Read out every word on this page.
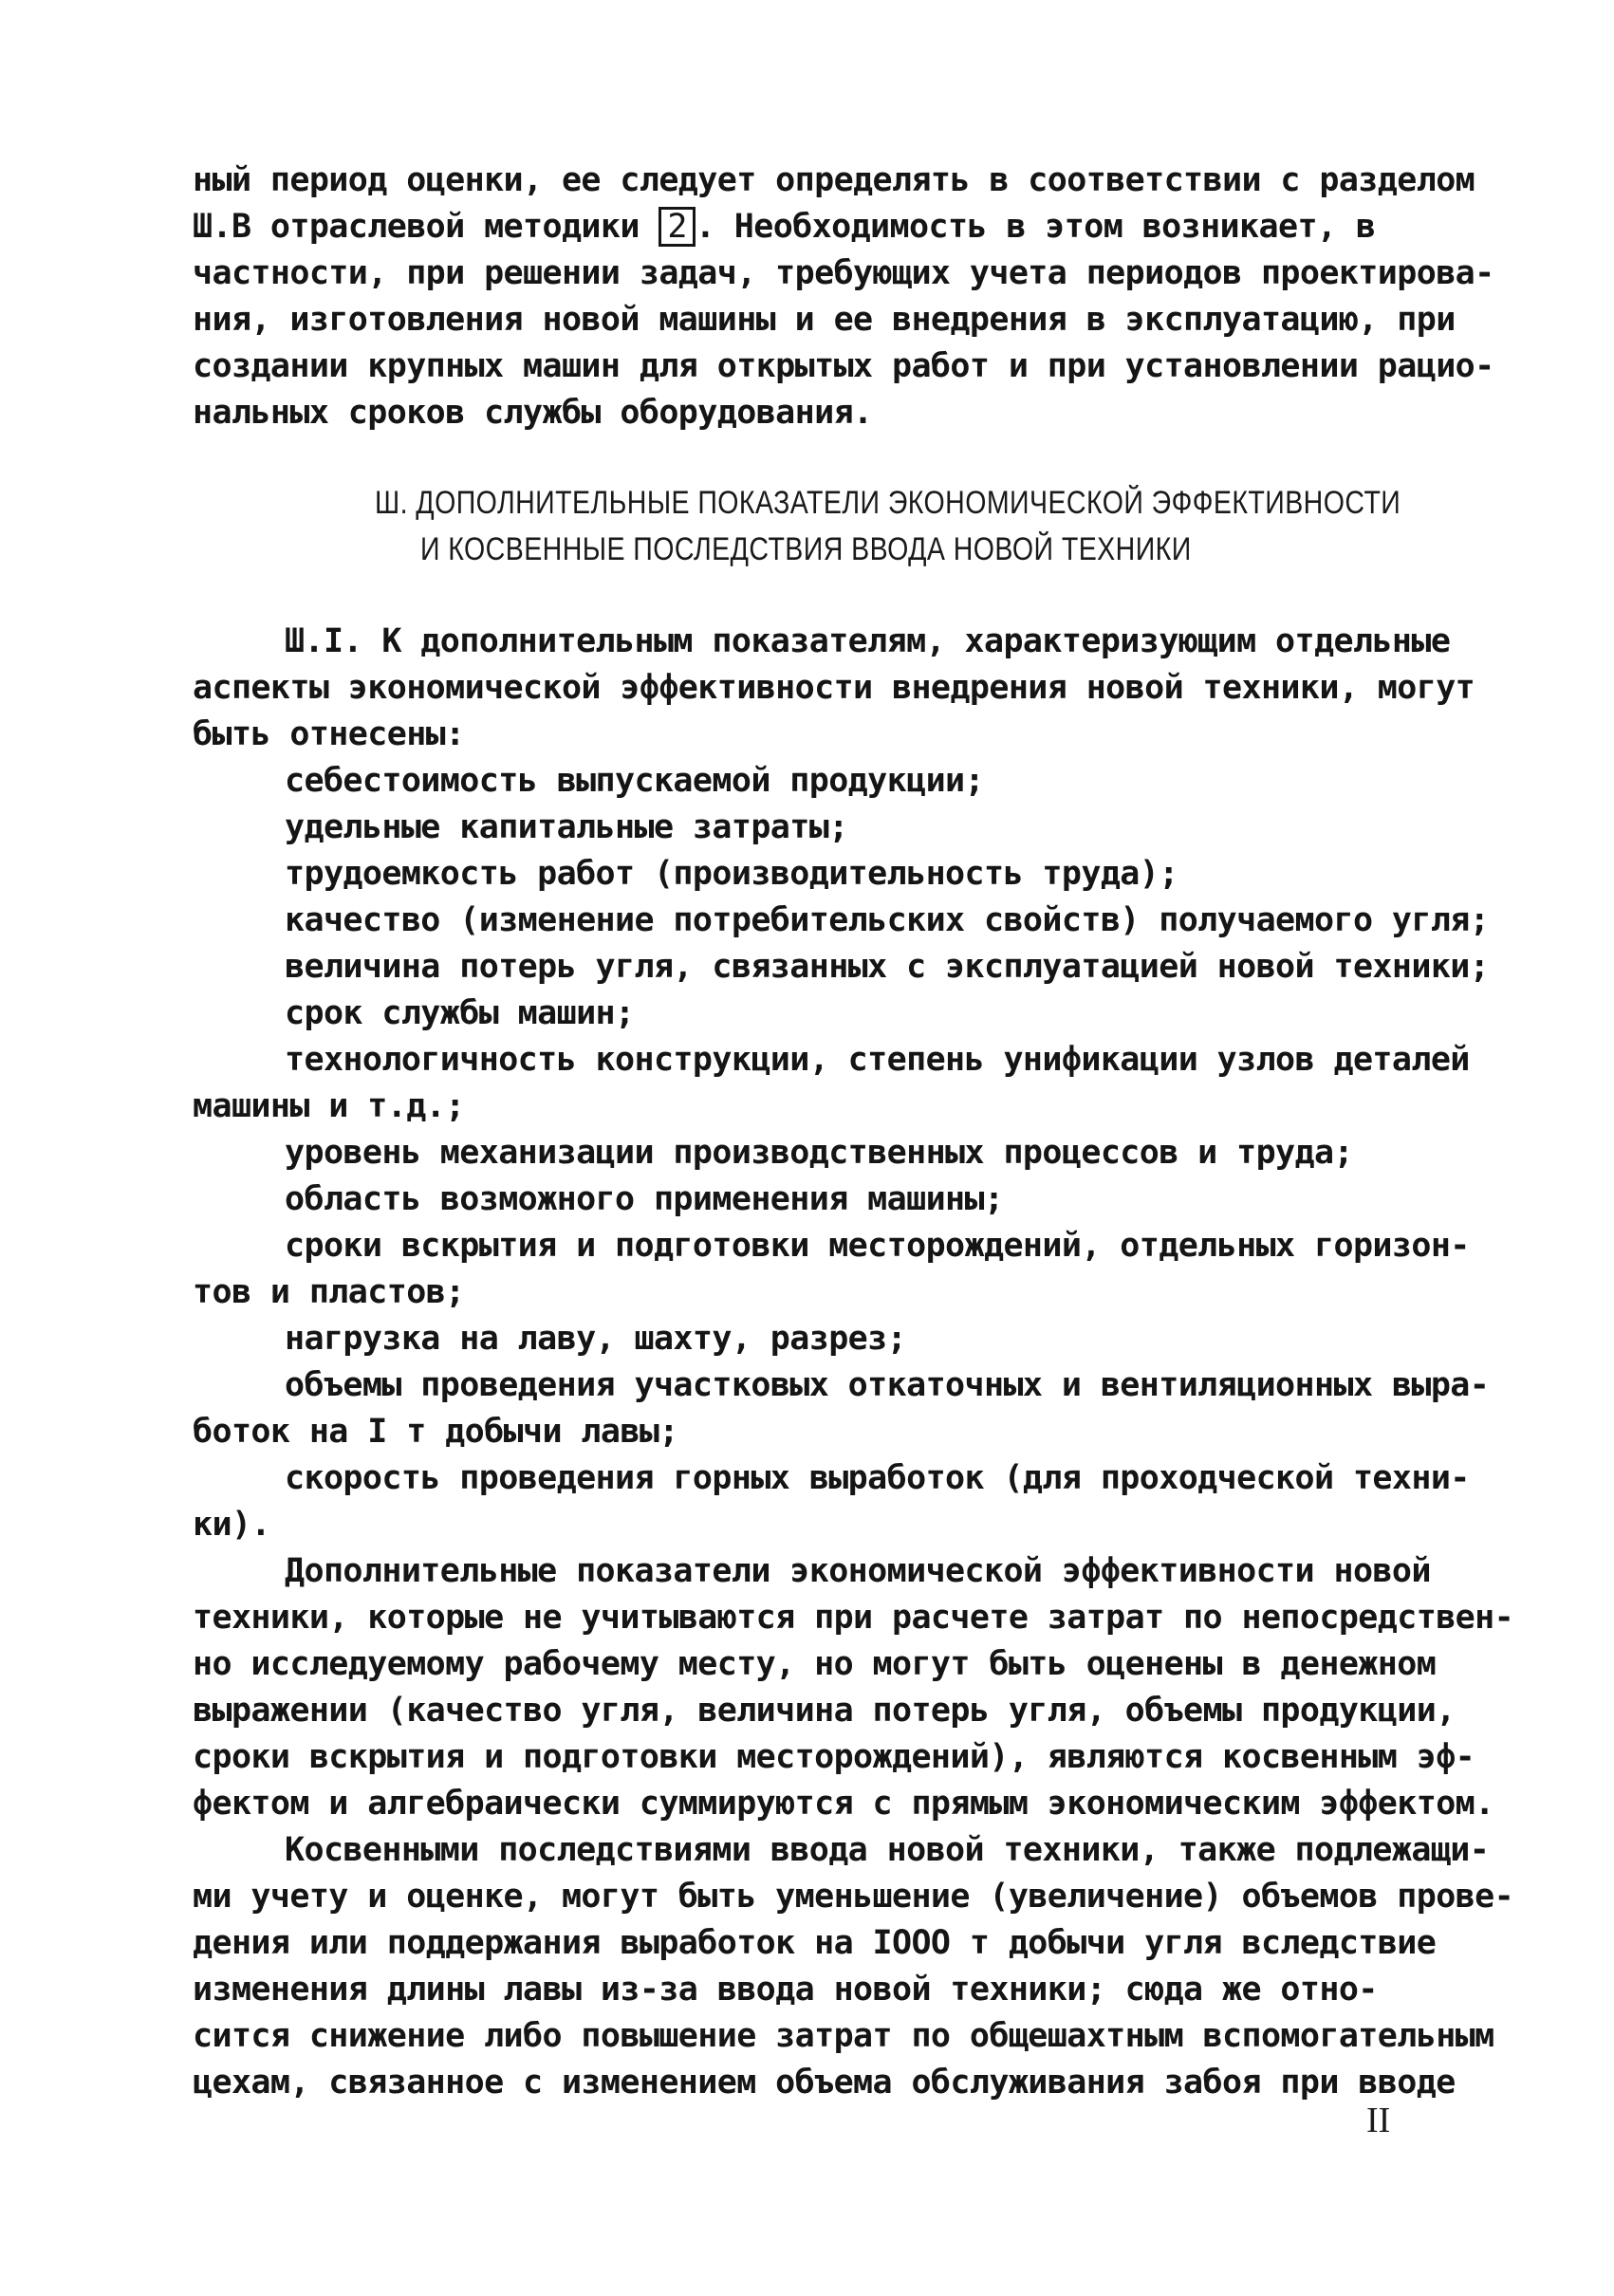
ный период оценки, ее следует определять в соответствии с разделом
Ш.В отраслевой методики 2 . Необходимость в этом возникает, в
частности, при решении задач, требующих учета периодов проектирова-
ния, изготовления новой машины и ее внедрения в эксплуатацию, при
создании крупных машин для открытых работ и при установлении рацио-
нальных сроков службы оборудования.
Ш. ДОПОЛНИТЕЛЬНЫЕ ПОКАЗАТЕЛИ ЭКОНОМИЧЕСКОЙ ЭФФЕКТИВНОСТИ
И КОСВЕННЫЕ ПОСЛЕДСТВИЯ ВВОДА НОВОЙ ТЕХНИКИ
Ш.I. К дополнительным показателям, характеризующим отдельные
аспекты экономической эффективности внедрения новой техники, могут
быть отнесены:
себестоимость выпускаемой продукции;
удельные капитальные затраты;
трудоемкость работ (производительность труда);
качество (изменение потребительских свойств) получаемого угля;
величина потерь угля, связанных с эксплуатацией новой техники;
срок службы машин;
технологичность конструкции, степень унификации узлов деталей
машины и т.д.;
уровень механизации производственных процессов и труда;
область возможного применения машины;
сроки вскрытия и подготовки месторождений, отдельных горизон-
тов и пластов;
нагрузка на лаву, шахту, разрез;
объемы проведения участковых откаточных и вентиляционных выра-
боток на I т добычи лавы;
скорость проведения горных выработок (для проходческой техни-
ки).
Дополнительные показатели экономической эффективности новой
техники, которые не учитываются при расчете затрат по непосредствен-
но исследуемому рабочему месту, но могут быть оценены в денежном
выражении (качество угля, величина потерь угля, объемы продукции,
сроки вскрытия и подготовки месторождений), являются косвенным эф-
фектом и алгебраически суммируются с прямым экономическим эффектом.
Косвенными последствиями ввода новой техники, также подлежащи-
ми учету и оценке, могут быть уменьшение (увеличение) объемов прове-
дения или поддержания выработок на IOOO т добычи угля вследствие
изменения длины лавы из-за ввода новой техники; сюда же отно-
сится снижение либо повышение затрат по общешахтным вспомогательным
цехам, связанное с изменением объема обслуживания забоя при вводе
II
